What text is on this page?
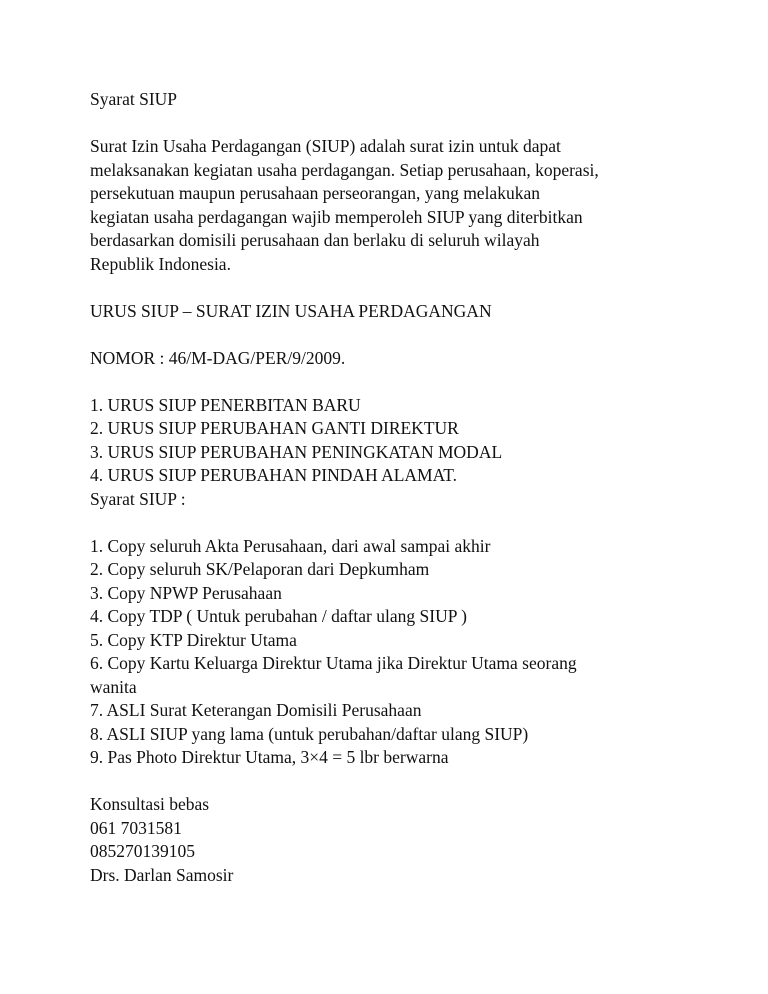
Syarat SIUP
Surat Izin Usaha Perdagangan (SIUP) adalah surat izin untuk dapat
melaksanakan kegiatan usaha perdagangan. Setiap perusahaan, koperasi,
persekutuan maupun perusahaan perseorangan, yang melakukan
kegiatan usaha perdagangan wajib memperoleh SIUP yang diterbitkan
berdasarkan domisili perusahaan dan berlaku di seluruh wilayah
Republik Indonesia.
URUS SIUP – SURAT IZIN USAHA PERDAGANGAN
NOMOR : 46/M-DAG/PER/9/2009.
1. URUS SIUP PENERBITAN BARU
2. URUS SIUP PERUBAHAN GANTI DIREKTUR
3. URUS SIUP PERUBAHAN PENINGKATAN MODAL
4. URUS SIUP PERUBAHAN PINDAH ALAMAT.
Syarat SIUP :
1. Copy seluruh Akta Perusahaan, dari awal sampai akhir
2. Copy seluruh SK/Pelaporan dari Depkumham
3. Copy NPWP Perusahaan
4. Copy TDP ( Untuk perubahan / daftar ulang SIUP )
5. Copy KTP Direktur Utama
6. Copy Kartu Keluarga Direktur Utama jika Direktur Utama seorang
wanita
7. ASLI Surat Keterangan Domisili Perusahaan
8. ASLI SIUP yang lama (untuk perubahan/daftar ulang SIUP)
9. Pas Photo Direktur Utama, 3×4 = 5 lbr berwarna
Konsultasi bebas
061 7031581
085270139105
Drs. Darlan Samosir
